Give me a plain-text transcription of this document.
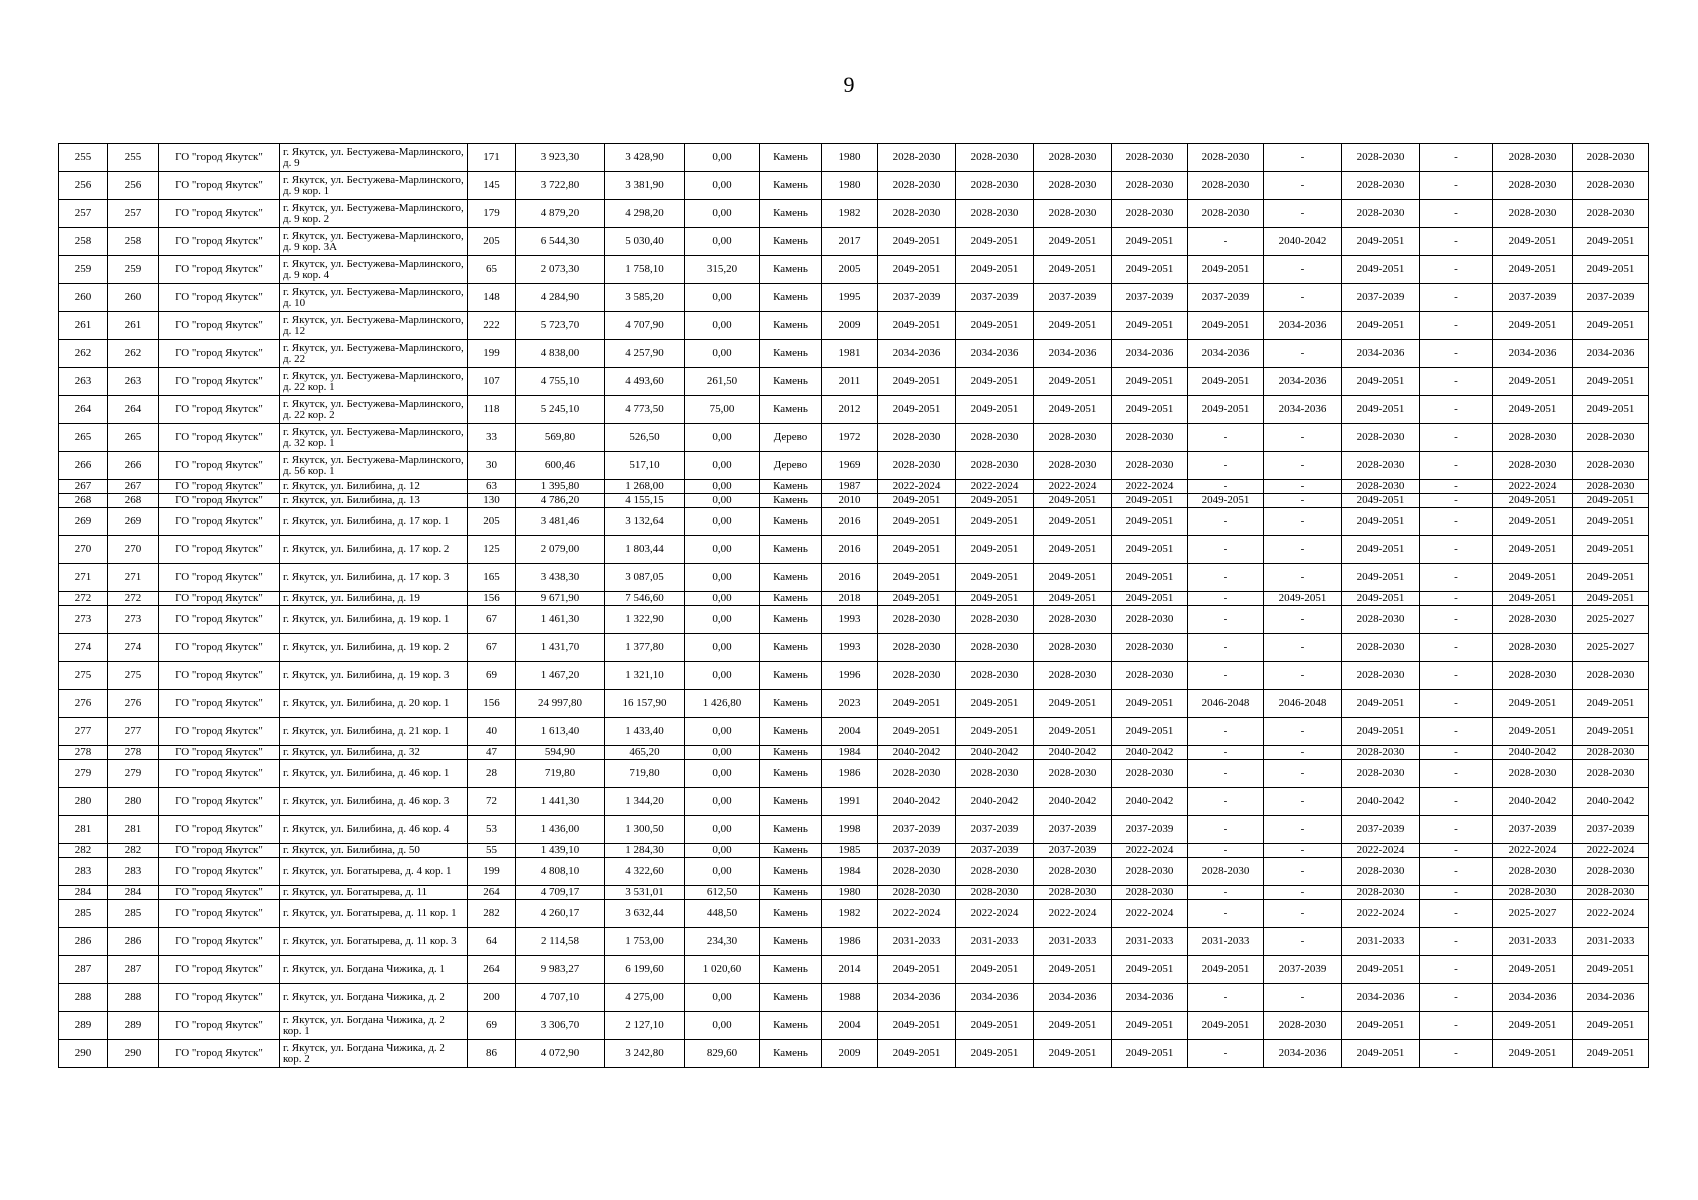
9
255	255	ГО "город Якутск"	г. Якутск, ул. Бестужева-Марлинского, д. 9	171	3 923,30	3 428,90	0,00	Камень	1980	2028-2030	2028-2030	2028-2030	2028-2030	2028-2030	-	2028-2030	-	2028-2030	2028-2030
256	256	ГО "город Якутск"	г. Якутск, ул. Бестужева-Марлинского, д. 9 кор. 1	145	3 722,80	3 381,90	0,00	Камень	1980	2028-2030	2028-2030	2028-2030	2028-2030	2028-2030	-	2028-2030	-	2028-2030	2028-2030
257	257	ГО "город Якутск"	г. Якутск, ул. Бестужева-Марлинского, д. 9 кор. 2	179	4 879,20	4 298,20	0,00	Камень	1982	2028-2030	2028-2030	2028-2030	2028-2030	2028-2030	-	2028-2030	-	2028-2030	2028-2030
258	258	ГО "город Якутск"	г. Якутск, ул. Бестужева-Марлинского, д. 9 кор. 3А	205	6 544,30	5 030,40	0,00	Камень	2017	2049-2051	2049-2051	2049-2051	2049-2051	-	2040-2042	2049-2051	-	2049-2051	2049-2051
259	259	ГО "город Якутск"	г. Якутск, ул. Бестужева-Марлинского, д. 9 кор. 4	65	2 073,30	1 758,10	315,20	Камень	2005	2049-2051	2049-2051	2049-2051	2049-2051	2049-2051	-	2049-2051	-	2049-2051	2049-2051
260	260	ГО "город Якутск"	г. Якутск, ул. Бестужева-Марлинского, д. 10	148	4 284,90	3 585,20	0,00	Камень	1995	2037-2039	2037-2039	2037-2039	2037-2039	2037-2039	-	2037-2039	-	2037-2039	2037-2039
261	261	ГО "город Якутск"	г. Якутск, ул. Бестужева-Марлинского, д. 12	222	5 723,70	4 707,90	0,00	Камень	2009	2049-2051	2049-2051	2049-2051	2049-2051	2049-2051	2034-2036	2049-2051	-	2049-2051	2049-2051
262	262	ГО "город Якутск"	г. Якутск, ул. Бестужева-Марлинского, д. 22	199	4 838,00	4 257,90	0,00	Камень	1981	2034-2036	2034-2036	2034-2036	2034-2036	2034-2036	-	2034-2036	-	2034-2036	2034-2036
263	263	ГО "город Якутск"	г. Якутск, ул. Бестужева-Марлинского, д. 22 кор. 1	107	4 755,10	4 493,60	261,50	Камень	2011	2049-2051	2049-2051	2049-2051	2049-2051	2049-2051	2034-2036	2049-2051	-	2049-2051	2049-2051
264	264	ГО "город Якутск"	г. Якутск, ул. Бестужева-Марлинского, д. 22 кор. 2	118	5 245,10	4 773,50	75,00	Камень	2012	2049-2051	2049-2051	2049-2051	2049-2051	2049-2051	2034-2036	2049-2051	-	2049-2051	2049-2051
265	265	ГО "город Якутск"	г. Якутск, ул. Бестужева-Марлинского, д. 32 кор. 1	33	569,80	526,50	0,00	Дерево	1972	2028-2030	2028-2030	2028-2030	2028-2030	-	-	2028-2030	-	2028-2030	2028-2030
266	266	ГО "город Якутск"	г. Якутск, ул. Бестужева-Марлинского, д. 56 кор. 1	30	600,46	517,10	0,00	Дерево	1969	2028-2030	2028-2030	2028-2030	2028-2030	-	-	2028-2030	-	2028-2030	2028-2030
267	267	ГО "город Якутск"	г. Якутск, ул. Билибина, д. 12	63	1 395,80	1 268,00	0,00	Камень	1987	2022-2024	2022-2024	2022-2024	2022-2024	-	-	2028-2030	-	2022-2024	2028-2030
268	268	ГО "город Якутск"	г. Якутск, ул. Билибина, д. 13	130	4 786,20	4 155,15	0,00	Камень	2010	2049-2051	2049-2051	2049-2051	2049-2051	2049-2051	-	2049-2051	-	2049-2051	2049-2051
269	269	ГО "город Якутск"	г. Якутск, ул. Билибина, д. 17 кор. 1	205	3 481,46	3 132,64	0,00	Камень	2016	2049-2051	2049-2051	2049-2051	2049-2051	-	-	2049-2051	-	2049-2051	2049-2051
270	270	ГО "город Якутск"	г. Якутск, ул. Билибина, д. 17 кор. 2	125	2 079,00	1 803,44	0,00	Камень	2016	2049-2051	2049-2051	2049-2051	2049-2051	-	-	2049-2051	-	2049-2051	2049-2051
271	271	ГО "город Якутск"	г. Якутск, ул. Билибина, д. 17 кор. 3	165	3 438,30	3 087,05	0,00	Камень	2016	2049-2051	2049-2051	2049-2051	2049-2051	-	-	2049-2051	-	2049-2051	2049-2051
272	272	ГО "город Якутск"	г. Якутск, ул. Билибина, д. 19	156	9 671,90	7 546,60	0,00	Камень	2018	2049-2051	2049-2051	2049-2051	2049-2051	-	2049-2051	2049-2051	-	2049-2051	2049-2051
273	273	ГО "город Якутск"	г. Якутск, ул. Билибина, д. 19 кор. 1	67	1 461,30	1 322,90	0,00	Камень	1993	2028-2030	2028-2030	2028-2030	2028-2030	-	-	2028-2030	-	2028-2030	2025-2027
274	274	ГО "город Якутск"	г. Якутск, ул. Билибина, д. 19 кор. 2	67	1 431,70	1 377,80	0,00	Камень	1993	2028-2030	2028-2030	2028-2030	2028-2030	-	-	2028-2030	-	2028-2030	2025-2027
275	275	ГО "город Якутск"	г. Якутск, ул. Билибина, д. 19 кор. 3	69	1 467,20	1 321,10	0,00	Камень	1996	2028-2030	2028-2030	2028-2030	2028-2030	-	-	2028-2030	-	2028-2030	2028-2030
276	276	ГО "город Якутск"	г. Якутск, ул. Билибина, д. 20 кор. 1	156	24 997,80	16 157,90	1 426,80	Камень	2023	2049-2051	2049-2051	2049-2051	2049-2051	2046-2048	2046-2048	2049-2051	-	2049-2051	2049-2051
277	277	ГО "город Якутск"	г. Якутск, ул. Билибина, д. 21 кор. 1	40	1 613,40	1 433,40	0,00	Камень	2004	2049-2051	2049-2051	2049-2051	2049-2051	-	-	2049-2051	-	2049-2051	2049-2051
278	278	ГО "город Якутск"	г. Якутск, ул. Билибина, д. 32	47	594,90	465,20	0,00	Камень	1984	2040-2042	2040-2042	2040-2042	2040-2042	-	-	2028-2030	-	2040-2042	2028-2030
279	279	ГО "город Якутск"	г. Якутск, ул. Билибина, д. 46 кор. 1	28	719,80	719,80	0,00	Камень	1986	2028-2030	2028-2030	2028-2030	2028-2030	-	-	2028-2030	-	2028-2030	2028-2030
280	280	ГО "город Якутск"	г. Якутск, ул. Билибина, д. 46 кор. 3	72	1 441,30	1 344,20	0,00	Камень	1991	2040-2042	2040-2042	2040-2042	2040-2042	-	-	2040-2042	-	2040-2042	2040-2042
281	281	ГО "город Якутск"	г. Якутск, ул. Билибина, д. 46 кор. 4	53	1 436,00	1 300,50	0,00	Камень	1998	2037-2039	2037-2039	2037-2039	2037-2039	-	-	2037-2039	-	2037-2039	2037-2039
282	282	ГО "город Якутск"	г. Якутск, ул. Билибина, д. 50	55	1 439,10	1 284,30	0,00	Камень	1985	2037-2039	2037-2039	2037-2039	2022-2024	-	-	2022-2024	-	2022-2024	2022-2024
283	283	ГО "город Якутск"	г. Якутск, ул. Богатырева, д. 4 кор. 1	199	4 808,10	4 322,60	0,00	Камень	1984	2028-2030	2028-2030	2028-2030	2028-2030	2028-2030	-	2028-2030	-	2028-2030	2028-2030
284	284	ГО "город Якутск"	г. Якутск, ул. Богатырева, д. 11	264	4 709,17	3 531,01	612,50	Камень	1980	2028-2030	2028-2030	2028-2030	2028-2030	-	-	2028-2030	-	2028-2030	2028-2030
285	285	ГО "город Якутск"	г. Якутск, ул. Богатырева, д. 11 кор. 1	282	4 260,17	3 632,44	448,50	Камень	1982	2022-2024	2022-2024	2022-2024	2022-2024	-	-	2022-2024	-	2025-2027	2022-2024
286	286	ГО "город Якутск"	г. Якутск, ул. Богатырева, д. 11 кор. 3	64	2 114,58	1 753,00	234,30	Камень	1986	2031-2033	2031-2033	2031-2033	2031-2033	2031-2033	-	2031-2033	-	2031-2033	2031-2033
287	287	ГО "город Якутск"	г. Якутск, ул. Богдана Чижика, д. 1	264	9 983,27	6 199,60	1 020,60	Камень	2014	2049-2051	2049-2051	2049-2051	2049-2051	2049-2051	2037-2039	2049-2051	-	2049-2051	2049-2051
288	288	ГО "город Якутск"	г. Якутск, ул. Богдана Чижика, д. 2	200	4 707,10	4 275,00	0,00	Камень	1988	2034-2036	2034-2036	2034-2036	2034-2036	-	-	2034-2036	-	2034-2036	2034-2036
289	289	ГО "город Якутск"	г. Якутск, ул. Богдана Чижика, д. 2 кор. 1	69	3 306,70	2 127,10	0,00	Камень	2004	2049-2051	2049-2051	2049-2051	2049-2051	2049-2051	2028-2030	2049-2051	-	2049-2051	2049-2051
290	290	ГО "город Якутск"	г. Якутск, ул. Богдана Чижика, д. 2 кор. 2	86	4 072,90	3 242,80	829,60	Камень	2009	2049-2051	2049-2051	2049-2051	2049-2051	-	2034-2036	2049-2051	-	2049-2051	2049-2051
